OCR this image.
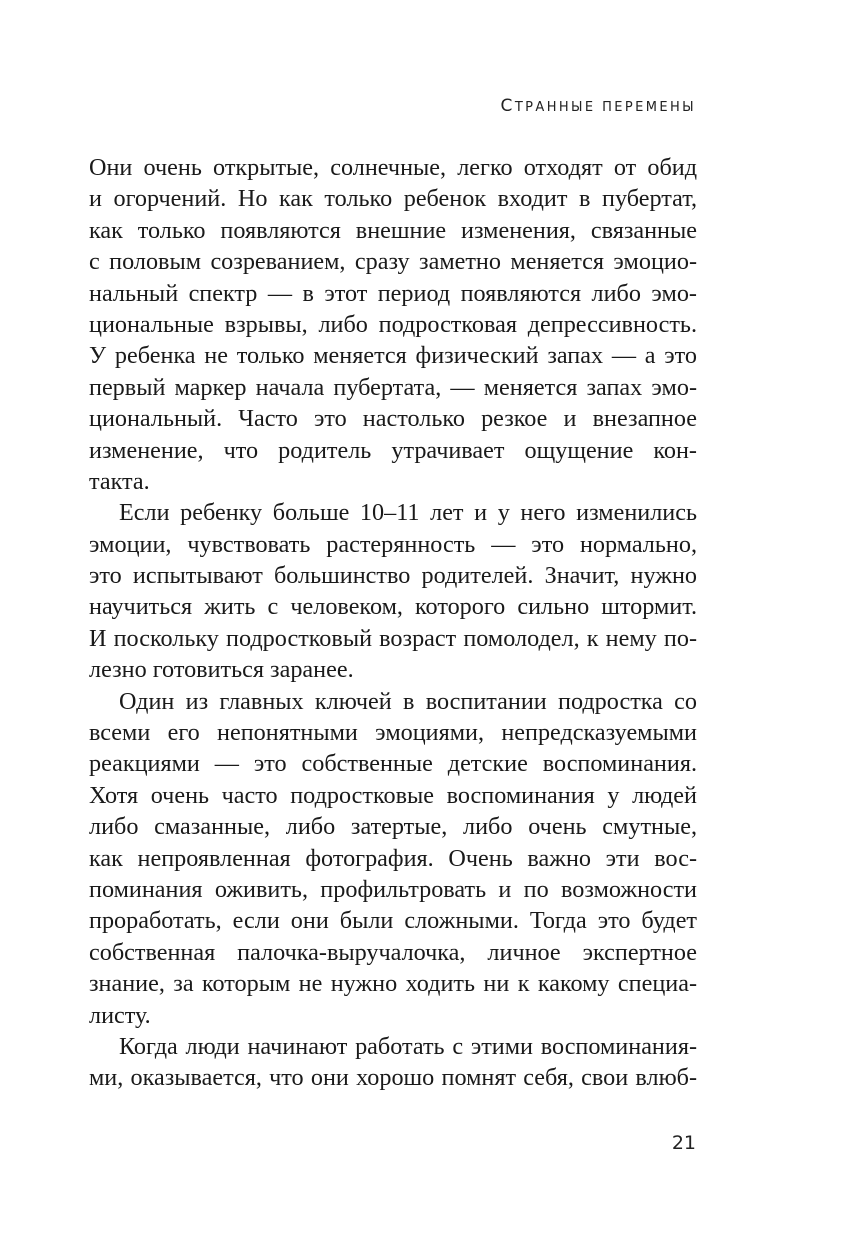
СТРАННЫЕ ПЕРЕМЕНЫ

Они очень открытые, солнечные, легко отходят от обид
и огорчений. Но как только ребенок входит в пубертат,
как только появляются внешние изменения, связанные
с половым созреванием, сразу заметно меняется эмоцио-
нальный спектр — в этот период появляются либо эмо-
циональные взрывы, либо подростковая депрессивность.
У ребенка не только меняется физический запах — а это
первый маркер начала пубертата, — меняется запах эмо-
циональный. Часто это настолько резкое и внезапное
изменение, что родитель утрачивает ощущение кон-
такта.

Если ребенку больше 10–11 лет и у него изменились
эмоции, чувствовать растерянность — это нормально,
это испытывают большинство родителей. Значит, нужно
научиться жить с человеком, которого сильно штормит.
И поскольку подростковый возраст помолодел, к нему по-
лезно готовиться заранее.

Один из главных ключей в воспитании подростка со
всеми его непонятными эмоциями, непредсказуемыми
реакциями — это собственные детские воспоминания.
Хотя очень часто подростковые воспоминания у людей
либо смазанные, либо затертые, либо очень смутные,
как непроявленная фотография. Очень важно эти вос-
поминания оживить, профильтровать и по возможности
проработать, если они были сложными. Тогда это будет
собственная палочка-выручалочка, личное экспертное
знание, за которым не нужно ходить ни к какому специа-
листу.

Когда люди начинают работать с этими воспоминания-
ми, оказывается, что они хорошо помнят себя, свои влюб-

21
